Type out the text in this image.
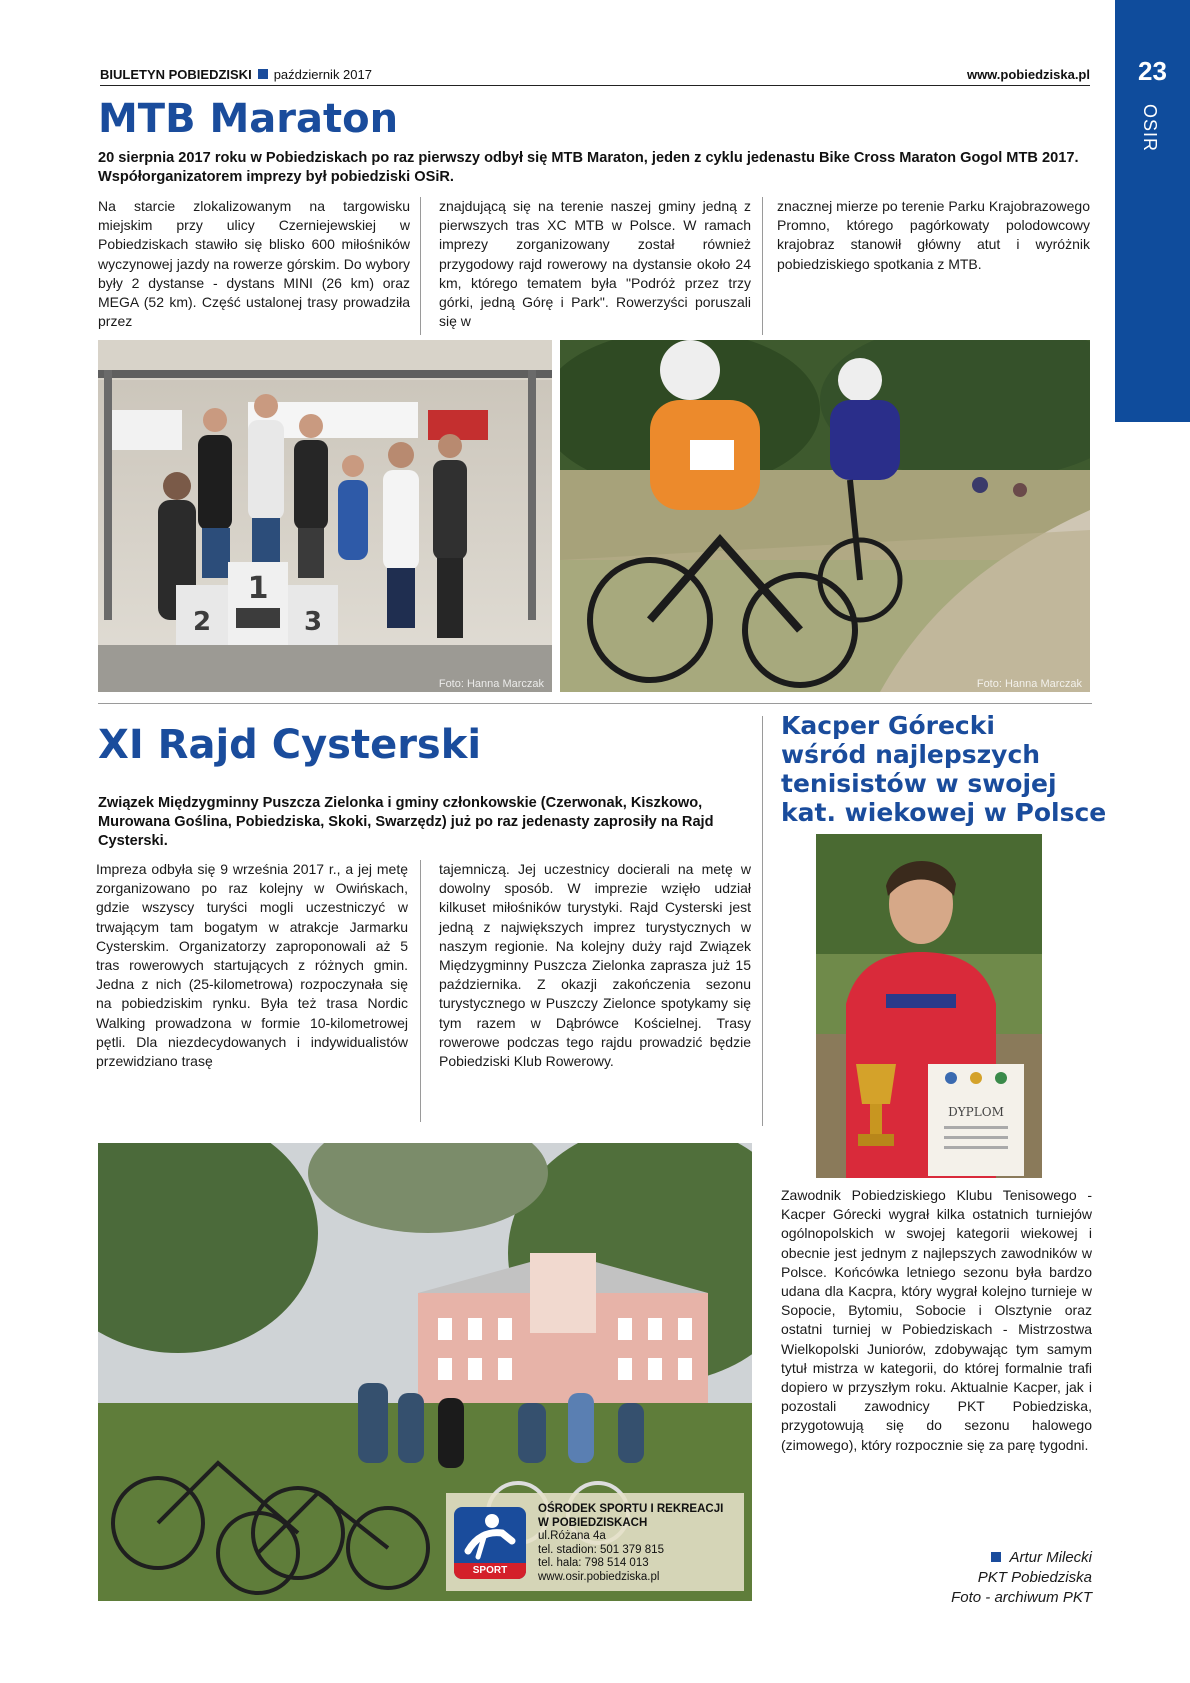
BIULETYN POBIEDZISKI październik 2017	www.pobiedziska.pl	23
OSIR
MTB Maraton

20 sierpnia 2017 roku w Pobiedziskach po raz pierwszy odbył się MTB Maraton, jeden z cyklu jedenastu Bike Cross Maraton Gogol MTB 2017. Współorganizatorem imprezy był pobiedziski OSiR.

Na starcie zlokalizowanym na targowisku miejskim przy ulicy Czerniejewskiej w Pobiedziskach stawiło się blisko 600 miłośników wyczynowej jazdy na rowerze górskim. Do wybory były 2 dystanse - dystans MINI (26 km) oraz MEGA (52 km). Część ustalonej trasy prowadziła przez

znajdującą się na terenie naszej gminy jedną z pierwszych tras XC MTB w Polsce. W ramach imprezy zorganizowany został również przygodowy rajd rowerowy na dystansie około 24 km, którego tematem była "Podróż przez trzy górki, jedną Górę i Park". Rowerzyści poruszali się w

znacznej mierze po terenie Parku Krajobrazowego Promno, którego pagórkowaty polodowcowy krajobraz stanowił główny atut i wyróżnik pobiedziskiego spotkania z MTB.

2
1
3
Foto: Hanna Marczak	Foto: Hanna Marczak
XI Rajd Cysterski

Związek Międzygminny Puszcza Zielonka i gminy członkowskie (Czerwonak, Kiszkowo, Murowana Goślina, Pobiedziska, Skoki, Swarzędz) już po raz jedenasty zaprosiły na Rajd Cysterski.

Impreza odbyła się 9 września 2017 r., a jej metę zorganizowano po raz kolejny w Owińskach, gdzie wszyscy turyści mogli uczestniczyć w trwającym tam bogatym w atrakcje Jarmarku Cysterskim. Organizatorzy zaproponowali aż 5 tras rowerowych startujących z różnych gmin. Jedna z nich (25-kilometrowa) rozpoczynała się na pobiedziskim rynku. Była też trasa Nordic Walking prowadzona w formie 10-kilometrowej pętli. Dla niezdecydowanych i indywidualistów przewidziano trasę

tajemniczą. Jej uczestnicy docierali na metę w dowolny sposób. W imprezie wzięło udział kilkuset miłośników turystyki. Rajd Cysterski jest jedną z największych imprez turystycznych w naszym regionie. Na kolejny duży rajd Związek Międzygminny Puszcza Zielonka zaprasza już 15 października. Z okazji zakończenia sezonu turystycznego w Puszczy Zielonce spotykamy się tym razem w Dąbrówce Kościelnej. Trasy rowerowe podczas tego rajdu prowadzić będzie Pobiedziski Klub Rowerowy.

SPORT
OŚRODEK SPORTU I REKREACJI
W POBIEDZISKACH
ul.Różana 4a
tel. stadion: 501 379 815
tel. hala: 798 514 013
www.osir.pobiedziska.pl
Kacper Górecki
wśród najlepszych
tenisistów w swojej
kat. wiekowej w Polsce
DYPLOM

Zawodnik Pobiedziskiego Klubu Tenisowego - Kacper Górecki wygrał kilka ostatnich turniejów ogólnopolskich w swojej kategorii wiekowej i obecnie jest jednym z najlepszych zawodników w Polsce. Końcówka letniego sezonu była bardzo udana dla Kacpra, który wygrał kolejno turnieje w Sopocie, Bytomiu, Sobocie i Olsztynie oraz ostatni turniej w Pobiedziskach - Mistrzostwa Wielkopolski Juniorów, zdobywając tym samym tytuł mistrza w kategorii, do której formalnie trafi dopiero w przyszłym roku. Aktualnie Kacper, jak i pozostali zawodnicy PKT Pobiedziska, przygotowują się do sezonu halowego (zimowego), który rozpocznie się za parę tygodni.

Artur Milecki
PKT Pobiedziska
Foto - archiwum PKT
